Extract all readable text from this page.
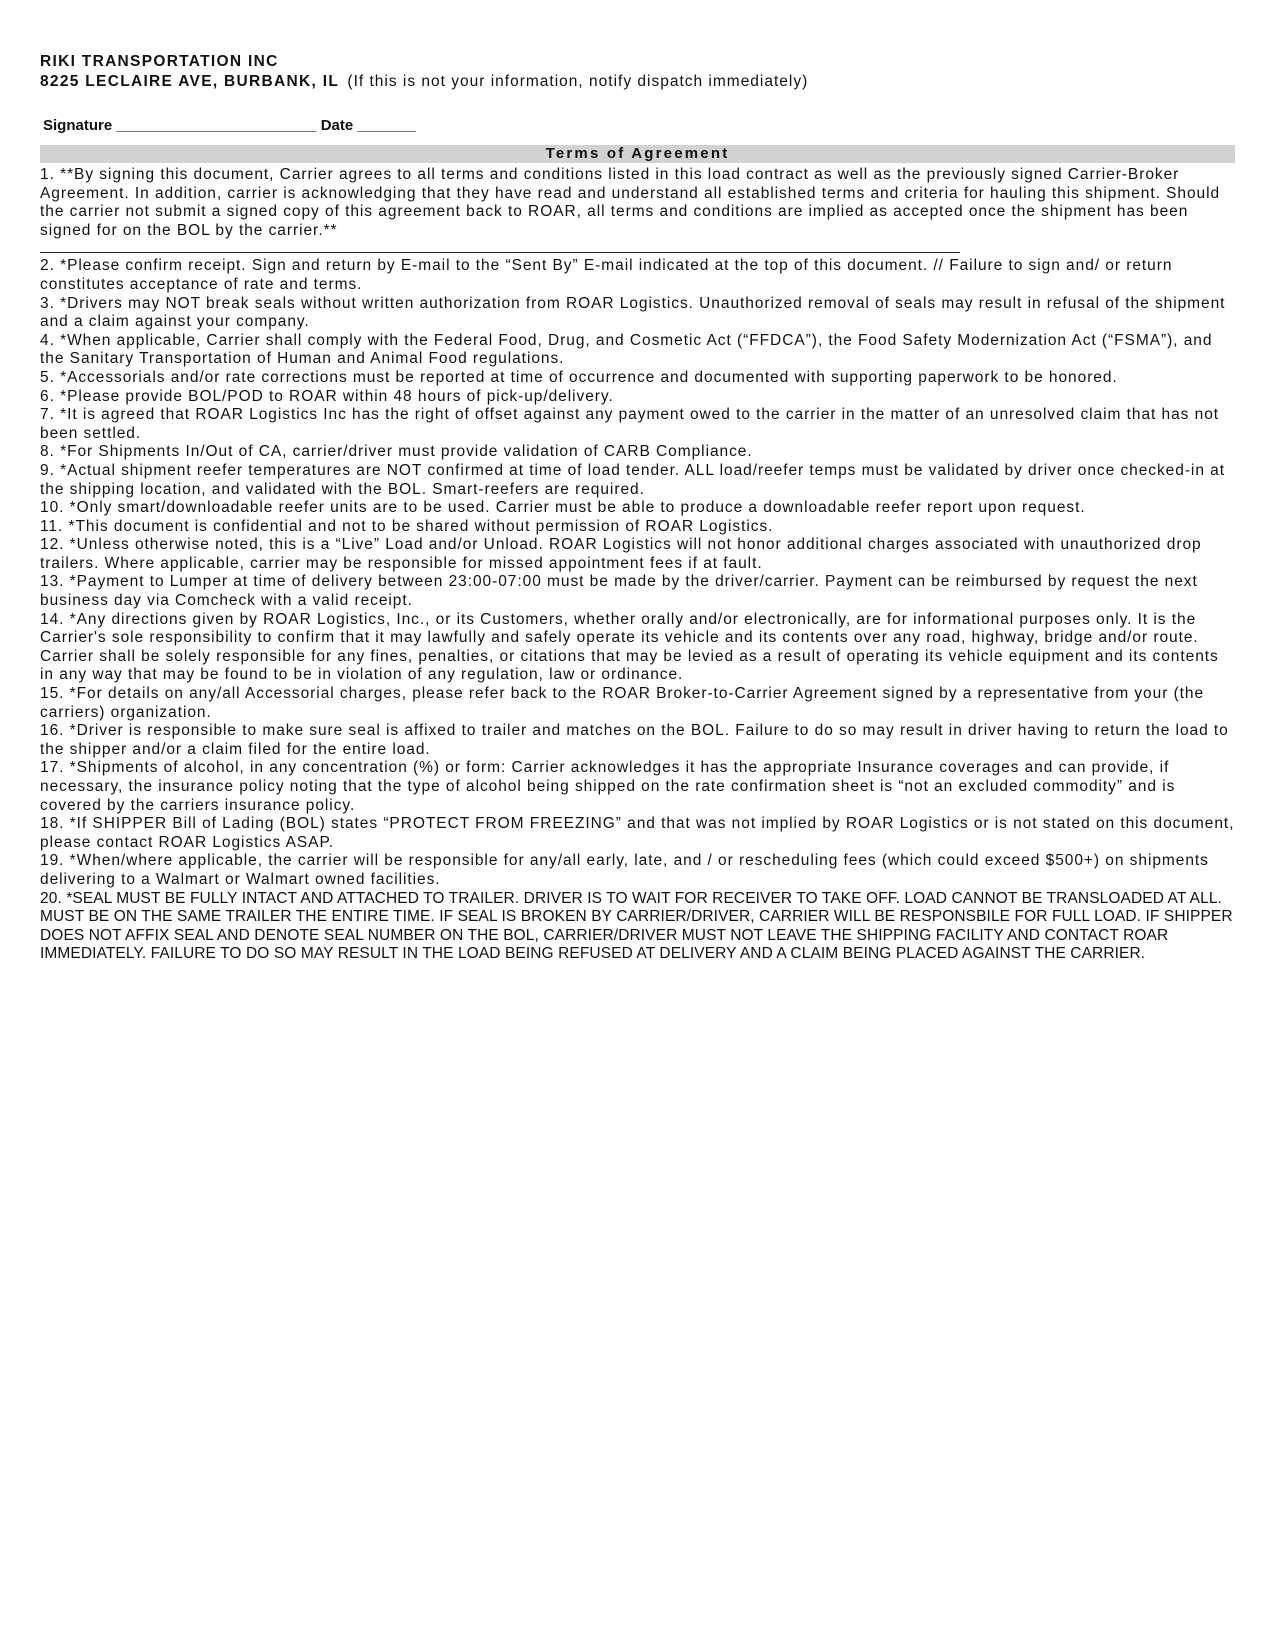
RIKI TRANSPORTATION INC
8225 LECLAIRE AVE, BURBANK, IL (If this is not your information, notify dispatch immediately)
Signature ________________________ Date _______
Terms of Agreement

1. **By signing this document, Carrier agrees to all terms and conditions listed in this load contract as well as the previously signed Carrier-Broker Agreement. In addition, carrier is acknowledging that they have read and understand all established terms and criteria for hauling this shipment. Should the carrier not submit a signed copy of this agreement back to ROAR, all terms and conditions are implied as accepted once the shipment has been signed for on the BOL by the carrier.**

2. *Please confirm receipt. Sign and return by E-mail to the “Sent By” E-mail indicated at the top of this document. // Failure to sign and/ or return constitutes acceptance of rate and terms.

3. *Drivers may NOT break seals without written authorization from ROAR Logistics. Unauthorized removal of seals may result in refusal of the shipment and a claim against your company.

4. *When applicable, Carrier shall comply with the Federal Food, Drug, and Cosmetic Act (“FFDCA”), the Food Safety Modernization Act (“FSMA”), and the Sanitary Transportation of Human and Animal Food regulations.

5. *Accessorials and/or rate corrections must be reported at time of occurrence and documented with supporting paperwork to be honored.

6. *Please provide BOL/POD to ROAR within 48 hours of pick-up/delivery.

7. *It is agreed that ROAR Logistics Inc has the right of offset against any payment owed to the carrier in the matter of an unresolved claim that has not been settled.

8. *For Shipments In/Out of CA, carrier/driver must provide validation of CARB Compliance.

9. *Actual shipment reefer temperatures are NOT confirmed at time of load tender. ALL load/reefer temps must be validated by driver once checked-in at the shipping location, and validated with the BOL. Smart-reefers are required.

10. *Only smart/downloadable reefer units are to be used. Carrier must be able to produce a downloadable reefer report upon request.

11. *This document is confidential and not to be shared without permission of ROAR Logistics.

12. *Unless otherwise noted, this is a “Live” Load and/or Unload. ROAR Logistics will not honor additional charges associated with unauthorized drop trailers. Where applicable, carrier may be responsible for missed appointment fees if at fault.

13. *Payment to Lumper at time of delivery between 23:00-07:00 must be made by the driver/carrier. Payment can be reimbursed by request the next business day via Comcheck with a valid receipt.

14. *Any directions given by ROAR Logistics, Inc., or its Customers, whether orally and/or electronically, are for informational purposes only. It is the Carrier's sole responsibility to confirm that it may lawfully and safely operate its vehicle and its contents over any road, highway, bridge and/or route. Carrier shall be solely responsible for any fines, penalties, or citations that may be levied as a result of operating its vehicle equipment and its contents in any way that may be found to be in violation of any regulation, law or ordinance.

15. *For details on any/all Accessorial charges, please refer back to the ROAR Broker-to-Carrier Agreement signed by a representative from your (the carriers) organization.

16. *Driver is responsible to make sure seal is affixed to trailer and matches on the BOL. Failure to do so may result in driver having to return the load to the shipper and/or a claim filed for the entire load.

17. *Shipments of alcohol, in any concentration (%) or form: Carrier acknowledges it has the appropriate Insurance coverages and can provide, if necessary, the insurance policy noting that the type of alcohol being shipped on the rate confirmation sheet is “not an excluded commodity” and is covered by the carriers insurance policy.

18. *If SHIPPER Bill of Lading (BOL) states “PROTECT FROM FREEZING” and that was not implied by ROAR Logistics or is not stated on this document, please contact ROAR Logistics ASAP.

19. *When/where applicable, the carrier will be responsible for any/all early, late, and / or rescheduling fees (which could exceed $500+) on shipments delivering to a Walmart or Walmart owned facilities.

20. *SEAL MUST BE FULLY INTACT AND ATTACHED TO TRAILER. DRIVER IS TO WAIT FOR RECEIVER TO TAKE OFF. LOAD CANNOT BE TRANSLOADED AT ALL. MUST BE ON THE SAME TRAILER THE ENTIRE TIME. IF SEAL IS BROKEN BY CARRIER/DRIVER, CARRIER WILL BE RESPONSBILE FOR FULL LOAD. IF SHIPPER DOES NOT AFFIX SEAL AND DENOTE SEAL NUMBER ON THE BOL, CARRIER/DRIVER MUST NOT LEAVE THE SHIPPING FACILITY AND CONTACT ROAR IMMEDIATELY. FAILURE TO DO SO MAY RESULT IN THE LOAD BEING REFUSED AT DELIVERY AND A CLAIM BEING PLACED AGAINST THE CARRIER.
